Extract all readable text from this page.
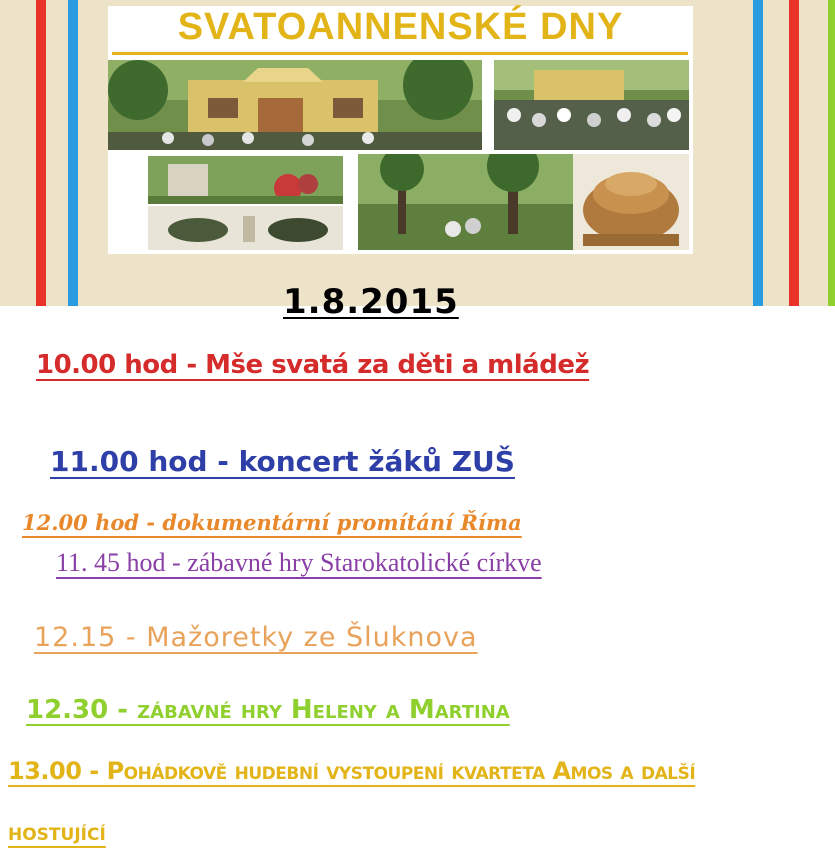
SVATOANNENSKÉ DNY
1.8.2015
10.00 hod - Mše svatá za děti a mládež
11.00 hod - koncert žáků ZUŠ
12.00 hod - dokumentární promítání Říma
11. 45 hod - zábavné hry Starokatolické církve
12.15 - Mažoretky ze Šluknova
12.30 - zábavné hry Heleny a Martina
13.00 - Pohádkově hudební vystoupení kvarteta Amos a další
hostující
